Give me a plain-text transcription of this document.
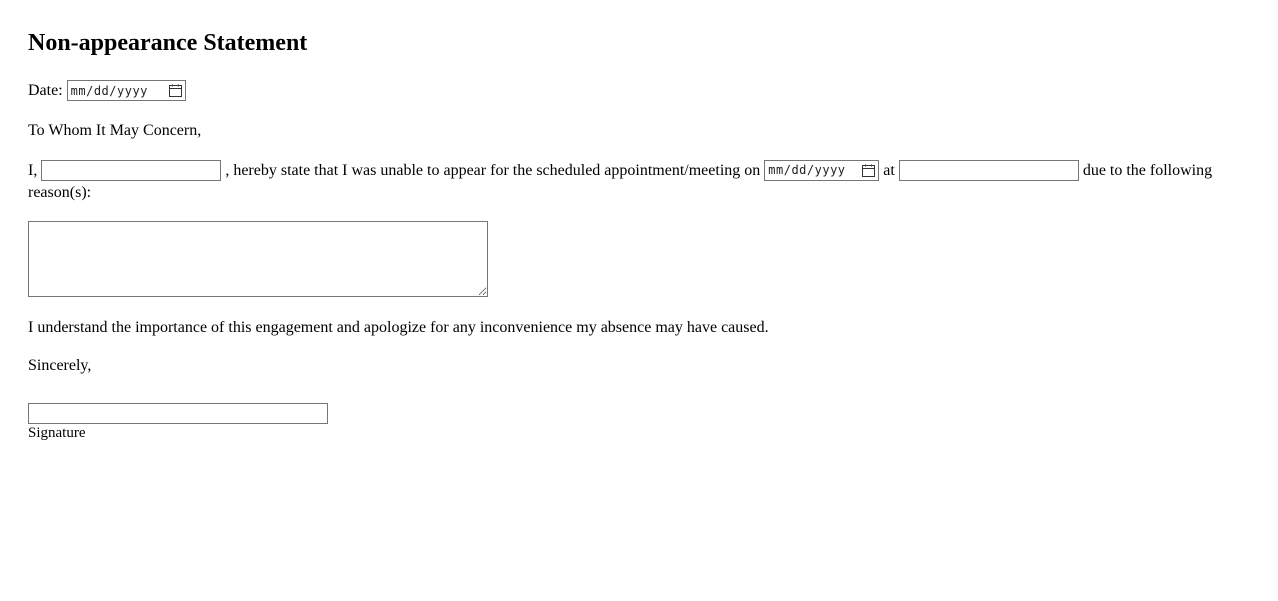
Non-appearance Statement
Date: mm/dd/yyyy
To Whom It May Concern,
I,	, hereby state that I was unable to appear for the scheduled appointment/meeting on mm/dd/yyyy at	due to the following reason(s):
I understand the importance of this engagement and apologize for any inconvenience my absence may have caused.
Sincerely,
Signature
